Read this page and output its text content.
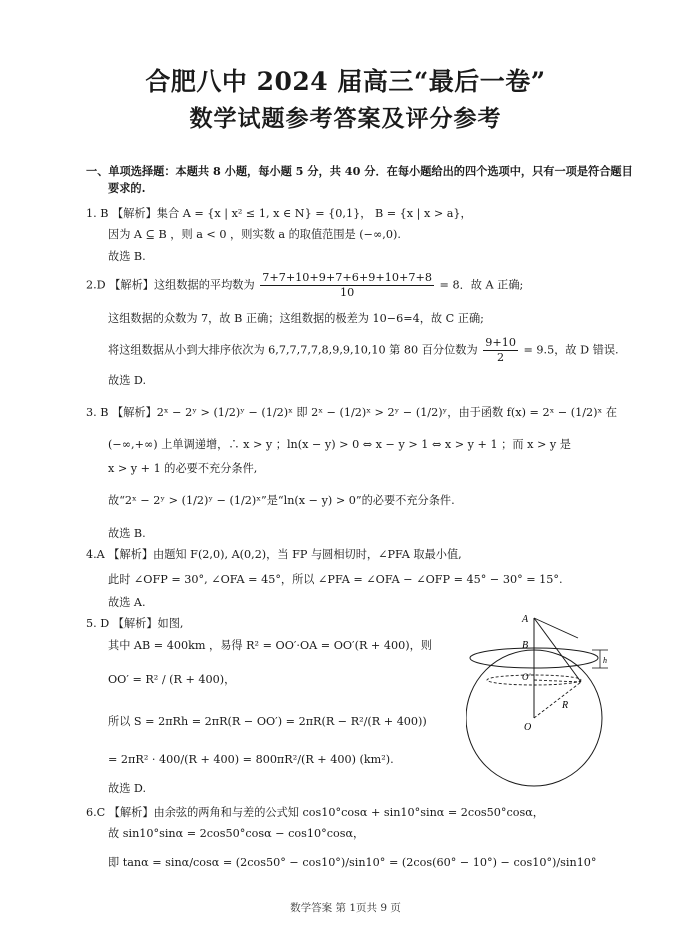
合肥八中 2024 届高三“最后一卷”
数学试题参考答案及评分参考
一、单项选择题：本题共 8 小题，每小题 5 分，共 40 分．在每小题给出的四个选项中，只有一项是符合题目
要求的.
1. B 【解析】集合 A = {x | x² ≤ 1, x ∈ N} = {0,1}， B = {x | x > a}，
因为 A ⊆ B ，则 a < 0 ，则实数 a 的取值范围是 (−∞,0).
故选 B.
2.D 【解析】这组数据的平均数为 $\frac{7+7+10+9+7+6+9+10+7+8}{10} = 8$．故 A 正确;
这组数据的众数为 7，故 B 正确；这组数据的极差为 10−6=4，故 C 正确;
将这组数据从小到大排序依次为 6,7,7,7,7,8,9,9,10,10 第 80 百分位数为 $\frac{9+10}{2} = 9.5$，故 D 错误.
故选 D.
3. B 【解析】2ˣ − 2ʸ > (1/2)ʸ − (1/2)ˣ 即 2ˣ − (1/2)ˣ > 2ʸ − (1/2)ʸ，由于函数 f(x) = 2ˣ − (1/2)ˣ 在
(−∞,+∞) 上单调递增，∴ x > y ；ln(x − y) > 0 ⇔ x − y > 1 ⇔ x > y + 1 ；而 x > y 是
x > y + 1 的必要不充分条件,
故“2ˣ − 2ʸ > (1/2)ʸ − (1/2)ˣ”是“ln(x − y) > 0”的必要不充分条件.
故选 B.
4.A 【解析】由题知 F(2,0), A(0,2)，当 FP 与圆相切时，∠PFA 取最小值,
此时 ∠OFP = 30°, ∠OFA = 45°，所以 ∠PFA = ∠OFA − ∠OFP = 45° − 30° = 15°.
故选 A.
5. D 【解析】如图,
其中 AB = 400km ，易得 R² = OO′·OA = OO′(R + 400)，则
OO′ = R² / (R + 400)，
所以 S = 2πRh = 2πR(R − OO′) = 2πR(R − R²/(R + 400))
= 2πR² · 400/(R + 400) = 800πR²/(R + 400) (km²).
故选 D.
6.C 【解析】由余弦的两角和与差的公式知 cos10°cosα + sin10°sinα = 2cos50°cosα，
故 sin10°sinα = 2cos50°cosα − cos10°cosα，
即 tanα = sinα/cosα = (2cos50° − cos10°)/sin10° = (2cos(60° − 10°) − cos10°)/sin10°
A
B
O′
O
R
h
数学答案 第 1页共 9 页
